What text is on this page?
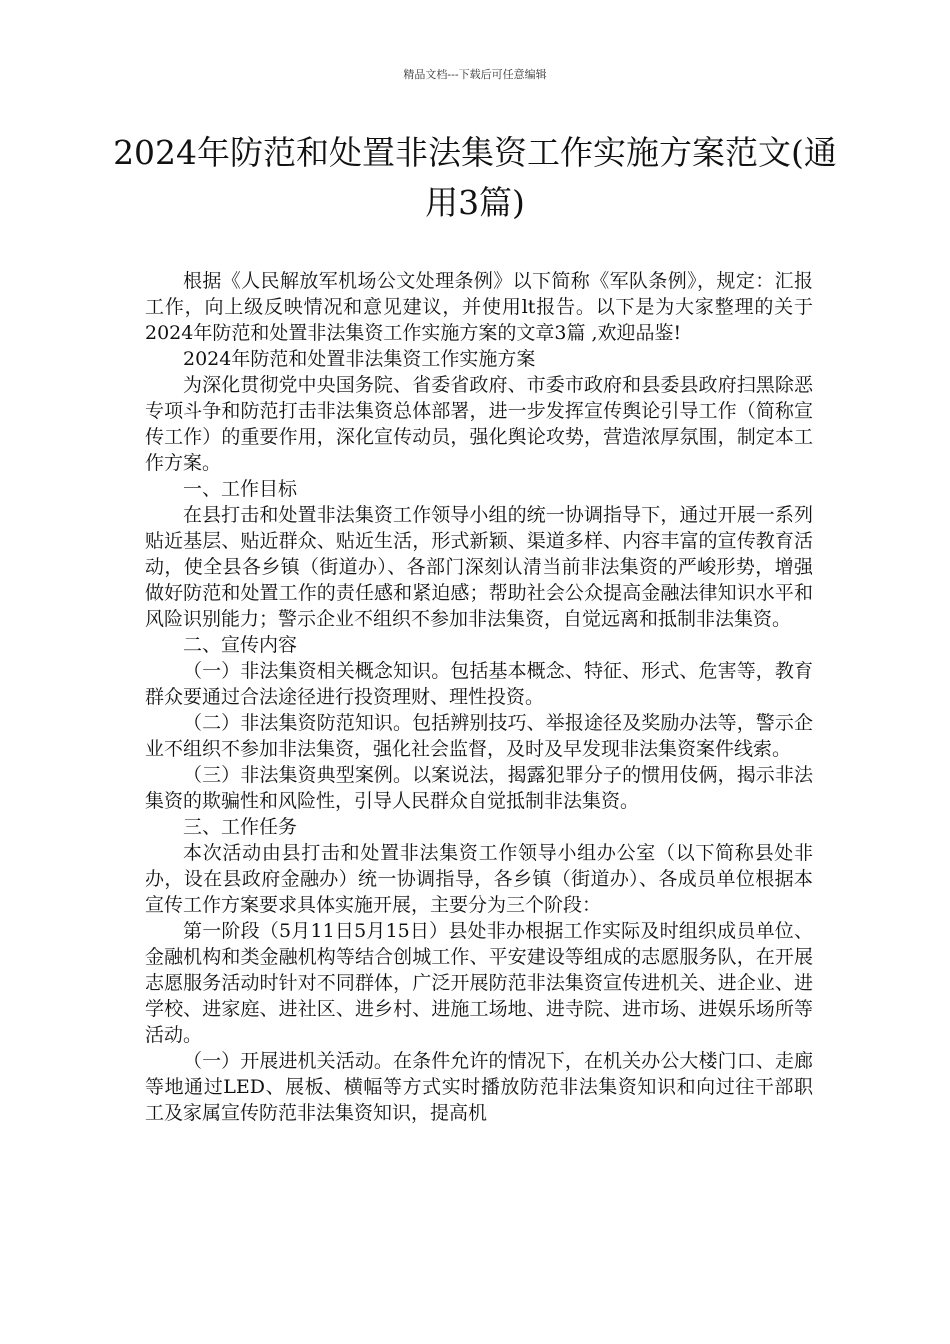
精品文档---下载后可任意编辑
2024年防范和处置非法集资工作实施方案范文(通用3篇)

根据《人民解放军机场公文处理条例》以下简称《军队条例》，规定：汇报工作，向上级反映情况和意见建议，并使用lt报告。以下是为大家整理的关于2024年防范和处置非法集资工作实施方案的文章3篇 ,欢迎品鉴!

2024年防范和处置非法集资工作实施方案

为深化贯彻党中央国务院、省委省政府、市委市政府和县委县政府扫黑除恶专项斗争和防范打击非法集资总体部署，进一步发挥宣传舆论引导工作（简称宣传工作）的重要作用，深化宣传动员，强化舆论攻势，营造浓厚氛围，制定本工作方案。

一、工作目标

在县打击和处置非法集资工作领导小组的统一协调指导下，通过开展一系列贴近基层、贴近群众、贴近生活，形式新颖、渠道多样、内容丰富的宣传教育活动，使全县各乡镇（街道办）、各部门深刻认清当前非法集资的严峻形势，增强做好防范和处置工作的责任感和紧迫感；帮助社会公众提高金融法律知识水平和风险识别能力；警示企业不组织不参加非法集资，自觉远离和抵制非法集资。

二、宣传内容

（一）非法集资相关概念知识。包括基本概念、特征、形式、危害等，教育群众要通过合法途径进行投资理财、理性投资。

（二）非法集资防范知识。包括辨别技巧、举报途径及奖励办法等，警示企业不组织不参加非法集资，强化社会监督，及时及早发现非法集资案件线索。

（三）非法集资典型案例。以案说法，揭露犯罪分子的惯用伎俩，揭示非法集资的欺骗性和风险性，引导人民群众自觉抵制非法集资。

三、工作任务

本次活动由县打击和处置非法集资工作领导小组办公室（以下简称县处非办，设在县政府金融办）统一协调指导，各乡镇（街道办）、各成员单位根据本宣传工作方案要求具体实施开展，主要分为三个阶段：

第一阶段（5月11日5月15日）县处非办根据工作实际及时组织成员单位、金融机构和类金融机构等结合创城工作、平安建设等组成的志愿服务队，在开展志愿服务活动时针对不同群体，广泛开展防范非法集资宣传进机关、进企业、进学校、进家庭、进社区、进乡村、进施工场地、进寺院、进市场、进娱乐场所等活动。

（一）开展进机关活动。在条件允许的情况下，在机关办公大楼门口、走廊等地通过LED、展板、横幅等方式实时播放防范非法集资知识和向过往干部职工及家属宣传防范非法集资知识，提高机
